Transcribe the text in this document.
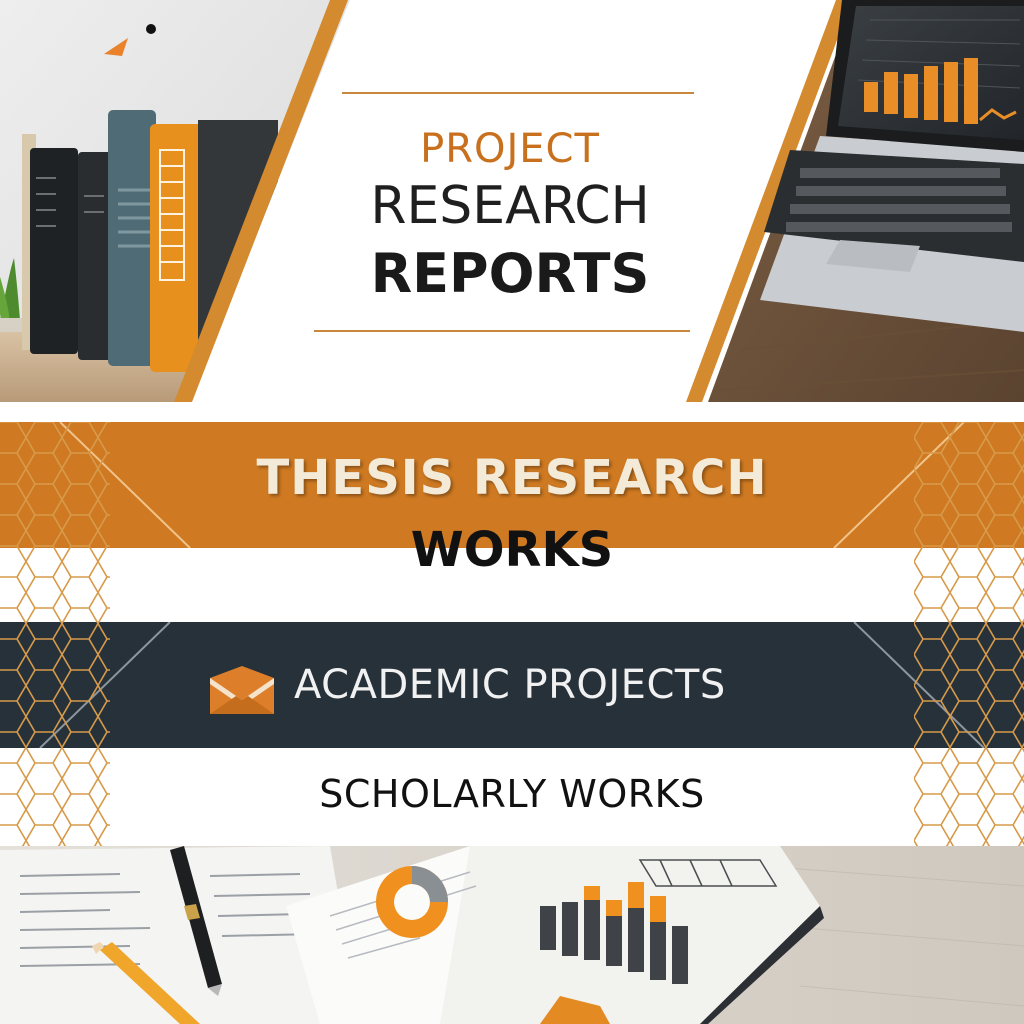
PROJECT
RESEARCH
REPORTS
THESIS RESEARCH
WORKS
ACADEMIC PROJECTS
SCHOLARLY WORKS
